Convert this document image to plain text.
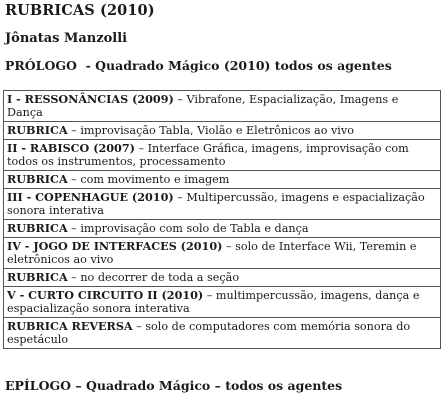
RUBRICAS (2010)
Jônatas Manzolli
PRÓLOGO  - Quadrado Mágico (2010) todos os agentes
I - RESSONÂNCIAS (2009) – Vibrafone, Espacialização, Imagens e Dança
RUBRICA – improvisação Tabla, Violão e Eletrônicos ao vivo
II - RABISCO (2007) – Interface Gráfica, imagens, improvisação com todos os instrumentos, processamento
RUBRICA – com movimento e imagem
III - COPENHAGUE (2010) – Multipercussão, imagens e espacialização sonora interativa
RUBRICA – improvisação com solo de Tabla e dança
IV - JOGO DE INTERFACES (2010) – solo de Interface Wii, Teremin e eletrônicos ao vivo
RUBRICA – no decorrer de toda a seção
V - CURTO CIRCUITO II (2010) – multimpercussão, imagens, dança e espacialização sonora interativa
RUBRICA REVERSA – solo de computadores com memória sonora do espetáculo
EPÍLOGO – Quadrado Mágico – todos os agentes
